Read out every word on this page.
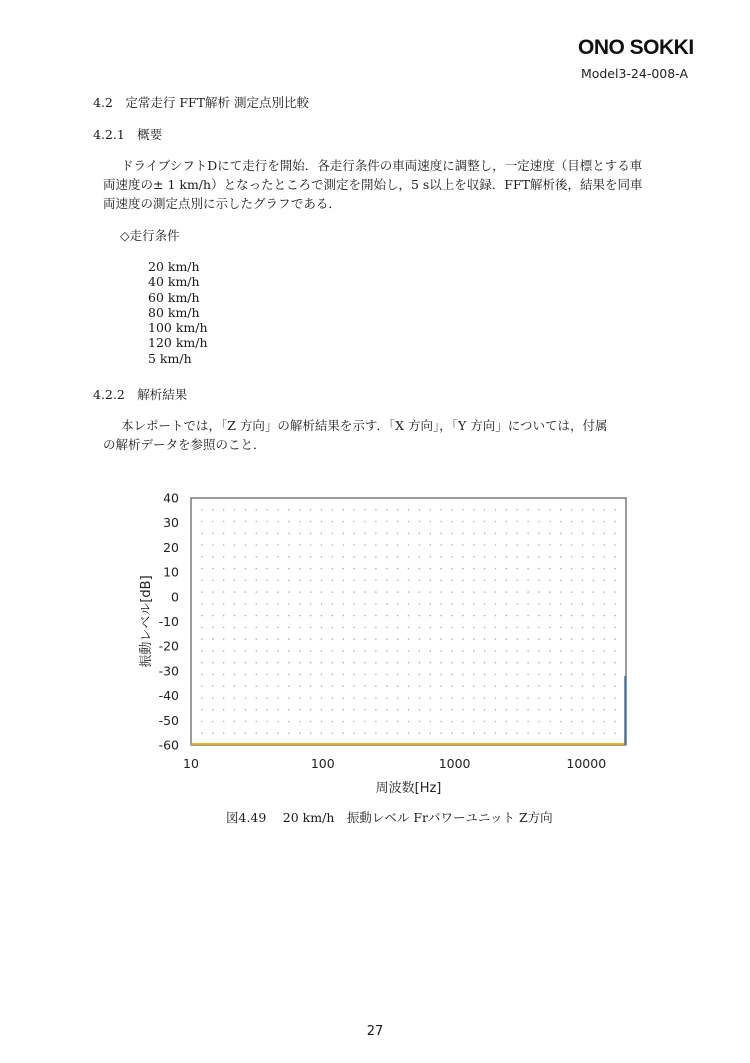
ONO SOKKI
Model3-24-008-A
4.2　定常走行 FFT解析 測定点別比較
4.2.1　概要

ドライブシフトDにて走行を開始．各走行条件の車両速度に調整し，一定速度（目標とする車

両速度の± 1 km/h）となったところで測定を開始し，5 s以上を収録．FFT解析後，結果を同車

両速度の測定点別に示したグラフである．

◇走行条件
20 km/h
40 km/h
60 km/h
80 km/h
100 km/h
120 km/h
5 km/h
4.2.2　解析結果

本レポートでは，「Z 方向」の解析結果を示す．「X 方向」，「Y 方向」については，付属

の解析データを参照のこと．

40
30
20
10
0
-10
-20
-30
-40
-50
-60
10	100	1000	10000
周波数[Hz]
振動レベル[dB]
図4.49　 20 km/h　振動レベル Frパワーユニット Z方向
27
